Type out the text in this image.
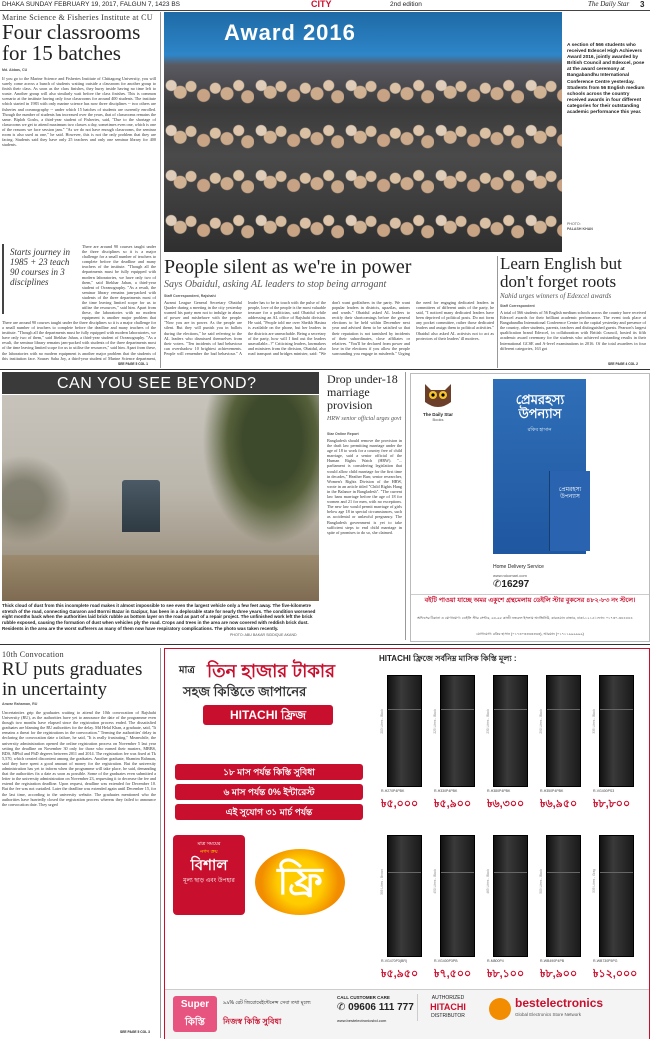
DHAKA SUNDAY FEBRUARY 19, 2017, FALGUN 7, 1423 BS	CITY	2nd edition	The Daily Star 3
Marine Science & Fisheries Institute at CU
Four classrooms for 15 batches
Md. Abbas, CU
If you go to the Marine Science and Fisheries Institute of Chittagong University, you will surely come across a bunch of students waiting outside a classroom for another group to finish their class. As soon as the class finishes, they hurry inside having no time left to waste. Another group will also similarly wait before the class finishes. This is common scenario at the institute having only four classrooms for around 400 students. The institute which started in 1983 with only marine science has now three disciplines -- two others are fisheries and oceanography -- under which 15 batches of students are currently enrolled. Though the number of students has increased over the years, that of classrooms remains the same. Biplob Goshs, a third-year student of Fisheries, said, "Due to the shortage of classrooms we get to attend maximum two classes a day, sometimes even one, which is one of the reasons we face session jam." "As we do not have enough classrooms, the seminar room is also used as one," he said. However, this is not the only problem that they are facing. Students said they have only 25 teachers and only one seminar library for 400 students.
Starts journey in 1985 + 23 teach 90 courses in 3 disciplines
There are around 90 courses taught under the three disciplines so it is a major challenge for a small number of teachers to complete before the deadline and many teachers of the institute. "Though all the departments must be fully equipped with modern laboratories, we have only two of them," said Iftekhar Jahan, a third-year student of Oceanography. "As a result, the seminar library remains jam-packed with students of the three departments most of the time leaving limited scope for us to utilise the resources," said him. Apart from these, the laboratories with no modern equipment is another major problem that
There are around 90 courses taught under the three disciplines so it is a major challenge for a small number of teachers to complete before the deadline and many teachers of the institute. "Though all the departments must be fully equipped with modern laboratories, we have only two of them," said Iftekhar Jahan, a third-year student of Oceanography. "As a result, the seminar library remains jam-packed with students of the three departments most of the time leaving limited scope for us to utilise the resources," said him. Apart from these, the laboratories with no modern equipment is another major problem that the students of this institution face. Sourav Saha Joy, a third-year student of Marine Science department,
SEE PAGE 5 COL 1
Award 2016
A section of 566 students who received Edexcel High Achievers Award 2016, jointly awarded by British Council and Edexcel, pose at the award ceremony at Bangabandhu International Conference Centre yesterday. Students from 56 English medium schools across the country received awards in four different categories for their outstanding academic performance this year.
PHOTO:
PALASH KHAN
People silent as we're in power
Says Obaidul, asking AL leaders to stop being arrogant
Staff Correspondent, Rajshahi
Awami League General Secretary Obaidul Quader during a meeting in the city yesterday warned his party men not to indulge in abuse of power and misbehave with the people. "Now you are in power. As the people are silent. But they will punish you in ballots during the elections," he said referring to the AL leaders who dismissed themselves from their voters. "Ten incidents of bad behaviour can overshadow 10 brightest achievements. People will remember the bad behaviour." A leader has to be in touch with the pulse of the people, love of the people is the most valuable treasure for a politician, said Obaidul while addressing an AL office of Rajshahi division. He said, "People told me over Sheikh Hasina is available on the phone, but her leaders in the districts are unreachable. Being a secretary of the party, how will I find out the leaders unavailable...?" Criticising leaders, lawmakers and ministers from the division, Obaidul, also road transport and bridges minister, said: "We don't want godfathers in the party. We want popular leaders in districts, upazilas, unions and wards." Obaidul asked AL leaders to rectify their shortcomings before the general elections to be held within December next year and advised them to be satisfied so that their reputation is not tarnished by incidents of their subordinates, close affiliates or relatives. "You'll be declared from power and lose in the elections if you allow the people surrounding you engage in misdeeds." Urging the need for engaging dedicated leaders in committees of different units of the party, he said, "I noticed many dedicated leaders have been deprived of political posts. Do not form any pocket committee, rather those dedicated leaders and assign them to political activities." Obaidul also asked AL activists not to act as protectors of their leaders' ill motives.
Learn English but don't forget roots
Nahid urges winners of Edexcel awards
Staff Correspondent
A total of 566 students of 56 English medium schools across the country have received Edexcel awards for their brilliant academic performance. The event took place at Bangabandhu International Conference Centre in the capital yesterday and presence of the country, other students, parents, teachers and distinguished guests. Pearson's largest qualification brand Edexcel, in collaboration with British Council, hosted its fifth academic award ceremony for the students who achieved outstanding results in their International GCSE and A-level examinations in 2016. Of the total awardees in four different categories, 163 got
SEE PAGE 4 COL 2
CAN YOU SEE BEYOND?
Thick cloud of dust from this incomplete road makes it almost impossible to see even the largest vehicle only a few feet away. The five-kilometre stretch of the road, connecting Gararon and Borrni Bazar in Gazipur, has been in a deplorable state for nearly three years. The condition worsened eight months back when the authorities laid brick rubble as bottom layer on the road as part of a repair project. The unfinished work left the brick rubble exposed, causing the formation of dust when vehicles ply the road. Crops and trees in the area are now covered with reddish brick dust. Residents in the area are the worst sufferers as many of them now have respiratory complications. The photo was taken recently.
PHOTO: ABU BAKAR SIDDIQUE AKAND
Drop under-18 marriage provision
HRW senior official urges govt
Star Online Report
Bangladesh should remove the provision in the draft law permitting marriage under the age of 18 to work for a country free of child marriage, said a senior official of the Human Rights Watch (HRW). "... parliament is considering legislation that would allow child marriage for the first time in decades," Heather Barr, senior researcher, Women's Rights Division of the HRW, wrote in an article titled "Child Rights Hang in the Balance in Bangladesh". "The current law bans marriage before the age of 18 for women and 21 for men, with no exceptions. The new law would permit marriage of girls below age 18 in special circumstances, such as accidental or unlawful pregnancy. The Bangladesh government is yet to take sufficient steps to end child marriage in spite of promises to do so, she claimed.
The Daily Star
Books
প্রেমরহস্য উপন্যাস
রকিব হাসান
প্রেমরহস্য উপন্যাস
Home Delivery Service
www.rokomari.com
✆16297
বইটি পাওয়া যাচ্ছে অমর একুশে গ্রন্থমেলায় ডেইলি স্টার বুকসের ৪৮২-৮৩ নং স্টলে।
অফিসের ঠিকানা ও যোগাযোগ: ডেইলি স্টার সেন্টার, ৬৪-৬৫ কাজী নজরুল ইসলাম অ্যাভিনিউ, কারওয়ান বাজার, ঢাকা-১২১৫। ফোন: ০১৭৩০-৩৪৪৪৪৪
যোগাযোগ: রকিব হাসান (০১৭৩০৩৩৩৩৩৩৩), আরমান (০১৭১১৯৯৯৯৯৯)
10th Convocation
RU puts graduates in uncertainty
Anwar Rahaman, RU
Uncertainties grip the graduates waiting to attend the 10th convocation of Rajshahi University (RU), as the authorities have yet to announce the date of the programme even though two months have elapsed since the registration process ended. The dissatisfied graduates are blaming the RU authorities for the delay. Md Helal Khan, a graduate, said, "It remains a threat for the registrations in the convocation." Terming the authorities' delay in declaring the convocation date a failure, he said, "It is really frustrating." Meanwhile, the university administration opened the online registration process on November 5 last year setting the deadline on November 30 only for those who earned their masters, MBBS, BDS, MPhil and PhD degrees between 2011 and 2014. The registration fee was fixed at Tk 5,570, which created discontent among the graduates. Another graduate, Shamim Rahman, said they have spent a good amount of money for the registration. But the university administration has yet to inform when the programme will take place, he said, demanding that the authorities fix a date as soon as possible. Some of the graduates even submitted a letter to the university administration on November 23, requesting it to decrease the fee and extend the registration deadline. Upon request, deadline was extended for December 10. But the fee was not curtailed. Later the deadline was extended again until December 15, for the last time, according to the university website. The graduates mentioned who the authorities have hurriedly closed the registration process whereas they failed to announce the convocation date. They urged
SEE PAGE 5 COL 3
মাত্র তিন হাজার টাকার
সহজ কিস্তিতে জাপানের
HITACHI ফ্রিজ
১৮ মাস পর্যন্ত কিস্তি সুবিধা
৬ মাস পর্যন্ত 0% ইন্টারেস্ট
এই সুযোগ ৩১ মার্চ পর্যন্ত
মাত্র সময়ের
নগদ ক্রয়
বিশাল
মূল্য ছাড় এবং উপহার	ফ্রি
HITACHI ফ্রিজে সর্বনিম্ন মাসিক কিস্তি মূল্য :
203 Litres - Black
R-H270P4PBK
৳৫,০০০
225 Litres - Black
R-H330P4PBK
৳৫,৯০০
230 Litres - Black
R-H380P4PBK
৳৬,৩০০
290 Litres - Black
R-H350P4PBK
৳৬,৯৫০
335 Litres - Black
R-VG400PS3
৳৮,৮০০
395 Litres - Brown
R-VG470P3(BR)
৳৫,৯৫০
450 Litres - Black
R-VG400P3PB
৳৭,৫০০
465 Litres - Black
R-M800P4
৳৮,১০০
509 Litres - Black
R-WB490P4PB
৳৮,৯০০
535 Litres - Gray
R-WB730P5PG
৳১২,০০০
Super কিস্তি
৯৯% রেট জিরোমেইন্টেনেন্স সেবা তথা মূল্যে
নিজস্ব কিস্তি সুবিধা
CALL CUSTOMER CARE
✆ 09606 111 777
www.bestelectronicsbd.com
AUTHORIZED
HITACHI
DISTRIBUTOR
bestelectronics
Global Electronics Store Network
